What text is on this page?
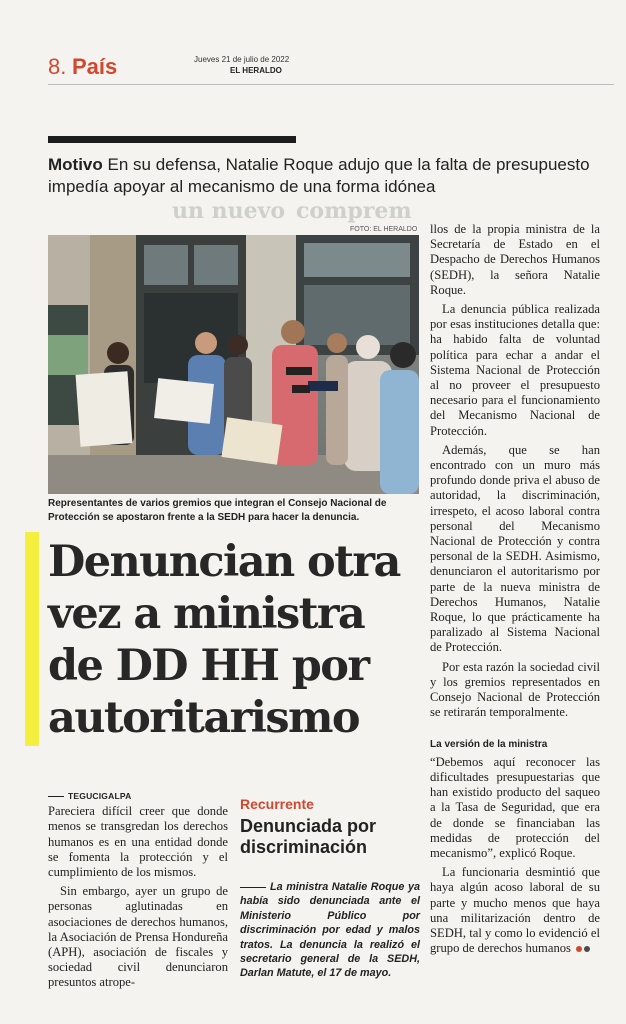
8. País	Jueves 21 de julio de 2022
EL HERALDO
Motivo En su defensa, Natalie Roque adujo que la falta de presupuesto impedía apoyar al mecanismo de una forma idónea
un nuevo comprem
FOTO: EL HERALDO
Representantes de varios gremios que integran el Consejo Nacional de Protección se apostaron frente a la SEDH para hacer la denuncia.
Denuncian otra vez a ministra de DD HH por autoritarismo
TEGUCIGALPA

Pareciera difícil creer que donde menos se transgredan los derechos humanos es en una entidad donde se fomenta la protección y el cumplimiento de los mismos.

Sin embargo, ayer un grupo de personas aglutinadas en asociaciones de derechos humanos, la Asociación de Prensa Hondureña (APH), asociación de fiscales y sociedad civil denunciaron presuntos atrope-

Recurrente
Denunciada por discriminación
La ministra Natalie Roque ya había sido denunciada ante el Ministerio Público por discriminación por edad y malos tratos. La denuncia la realizó el secretario general de la SEDH, Darlan Matute, el 17 de mayo.

llos de la propia ministra de la Secretaría de Estado en el Despacho de Derechos Humanos (SEDH), la señora Natalie Roque.

La denuncia pública realizada por esas instituciones detalla que: ha habido falta de voluntad política para echar a andar el Sistema Nacional de Protección al no proveer el presupuesto necesario para el funcionamiento del Mecanismo Nacional de Protección.

Además, que se han encontrado con un muro más profundo donde priva el abuso de autoridad, la discriminación, irrespeto, el acoso laboral contra personal del Mecanismo Nacional de Protección y contra personal de la SEDH. Asimismo, denunciaron el autoritarismo por parte de la nueva ministra de Derechos Humanos, Natalie Roque, lo que prácticamente ha paralizado al Sistema Nacional de Protección.

Por esta razón la sociedad civil y los gremios representados en Consejo Nacional de Protección se retirarán temporalmente.

La versión de la ministra

“Debemos aquí reconocer las dificultades presupuestarias que han existido producto del saqueo a la Tasa de Seguridad, que era de donde se financiaban las medidas de protección del mecanismo”, explicó Roque.

La funcionaria desmintió que haya algún acoso laboral de su parte y mucho menos que haya una militarización dentro de SEDH, tal y como lo evidenció el grupo de derechos humanos
